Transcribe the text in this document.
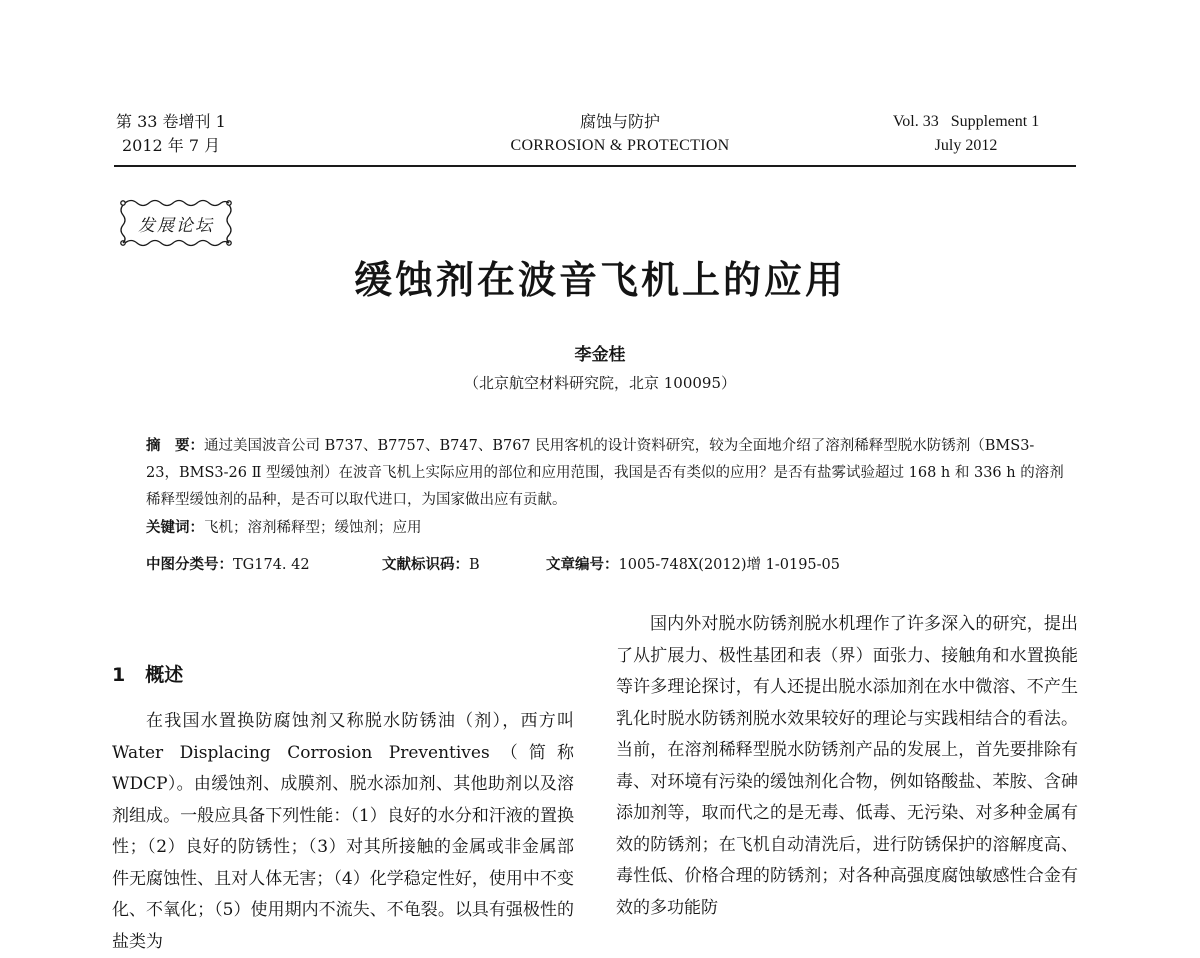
第 33 卷增刊 1
2012 年 7 月
腐蚀与防护
CORROSION & PROTECTION
Vol. 33   Supplement 1
July 2012
发展论坛
缓蚀剂在波音飞机上的应用
李金桂
（北京航空材料研究院，北京 100095）

摘　要：通过美国波音公司 B737、B7757、B747、B767 民用客机的设计资料研究，较为全面地介绍了溶剂稀释型脱水防锈剂（BMS3-23，BMS3-26 Ⅱ 型缓蚀剂）在波音飞机上实际应用的部位和应用范围，我国是否有类似的应用？是否有盐雾试验超过 168 h 和 336 h 的溶剂稀释型缓蚀剂的品种，是否可以取代进口，为国家做出应有贡献。

关键词：飞机；溶剂稀释型；缓蚀剂；应用

中图分类号：TG174. 42	文献标识码：B	文章编号：1005-748X(2012)增 1-0195-05
1 概述

在我国水置换防腐蚀剂又称脱水防锈油（剂），西方叫 Water Displacing Corrosion Preventives（简称 WDCP）。由缓蚀剂、成膜剂、脱水添加剂、其他助剂以及溶剂组成。一般应具备下列性能：（1）良好的水分和汗液的置换性；（2）良好的防锈性；（3）对其所接触的金属或非金属部件无腐蚀性、且对人体无害；（4）化学稳定性好，使用中不变化、不氧化；（5）使用期内不流失、不龟裂。以具有强极性的盐类为

国内外对脱水防锈剂脱水机理作了许多深入的研究，提出了从扩展力、极性基团和表（界）面张力、接触角和水置换能等许多理论探讨，有人还提出脱水添加剂在水中微溶、不产生乳化时脱水防锈剂脱水效果较好的理论与实践相结合的看法。当前，在溶剂稀释型脱水防锈剂产品的发展上，首先要排除有毒、对环境有污染的缓蚀剂化合物，例如铬酸盐、苯胺、含砷添加剂等，取而代之的是无毒、低毒、无污染、对多种金属有效的防锈剂；在飞机自动清洗后，进行防锈保护的溶解度高、毒性低、价格合理的防锈剂；对各种高强度腐蚀敏感性合金有效的多功能防
